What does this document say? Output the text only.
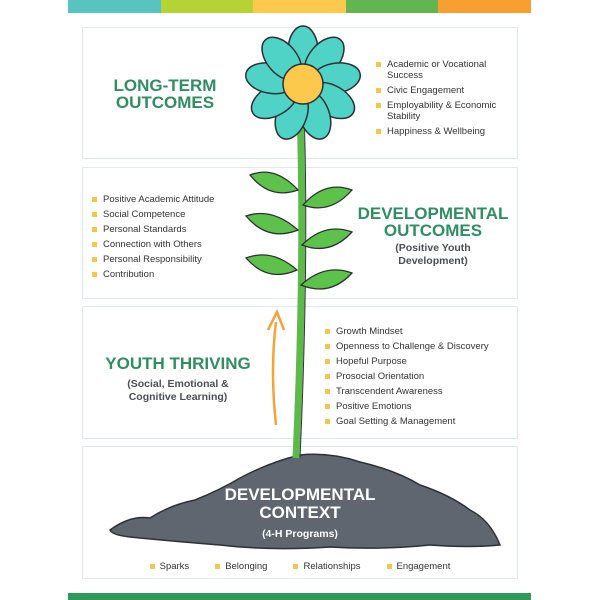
LONG-TERM
OUTCOMES
Academic or Vocational Success
Civic Engagement
Employability & Economic Stability
Happiness & Wellbeing
Positive Academic Attitude
Social Competence
Personal Standards
Connection with Others
Personal Responsibility
Contribution
DEVELOPMENTAL
OUTCOMES
(Positive Youth
Development)
YOUTH THRIVING
(Social, Emotional &
Cognitive Learning)
Growth Mindset
Openness to Challenge & Discovery
Hopeful Purpose
Prosocial Orientation
Transcendent Awareness
Positive Emotions
Goal Setting & Management
DEVELOPMENTAL
CONTEXT
(4-H Programs)
Sparks	Belonging	Relationships	Engagement
